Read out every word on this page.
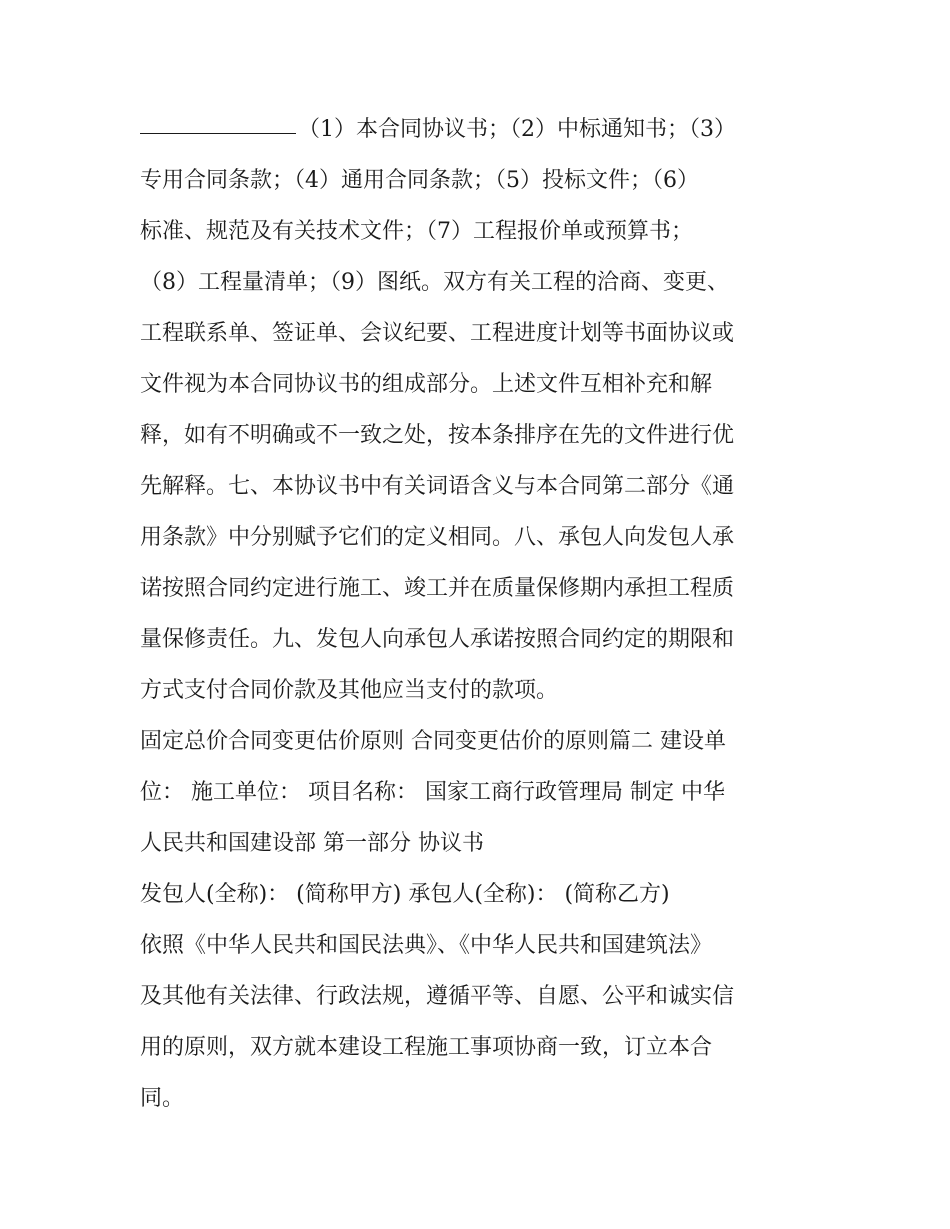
（1）本合同协议书；（2）中标通知书；（3）
专用合同条款；（4）通用合同条款；（5）投标文件；（6）
标准、规范及有关技术文件；（7）工程报价单或预算书；
（8）工程量清单；（9）图纸。双方有关工程的洽商、变更、
工程联系单、签证单、会议纪要、工程进度计划等书面协议或
文件视为本合同协议书的组成部分。上述文件互相补充和解
释，如有不明确或不一致之处，按本条排序在先的文件进行优
先解释。七、本协议书中有关词语含义与本合同第二部分《通
用条款》中分别赋予它们的定义相同。八、承包人向发包人承
诺按照合同约定进行施工、竣工并在质量保修期内承担工程质
量保修责任。九、发包人向承包人承诺按照合同约定的期限和
方式支付合同价款及其他应当支付的款项。
固定总价合同变更估价原则 合同变更估价的原则篇二 建设单
位： 施工单位： 项目名称： 国家工商行政管理局 制定 中华
人民共和国建设部 第一部分 协议书
发包人(全称)： (简称甲方) 承包人(全称)： (简称乙方)
依照《中华人民共和国民法典》、《中华人民共和国建筑法》
及其他有关法律、行政法规，遵循平等、自愿、公平和诚实信
用的原则，双方就本建设工程施工事项协商一致，订立本合
同。
